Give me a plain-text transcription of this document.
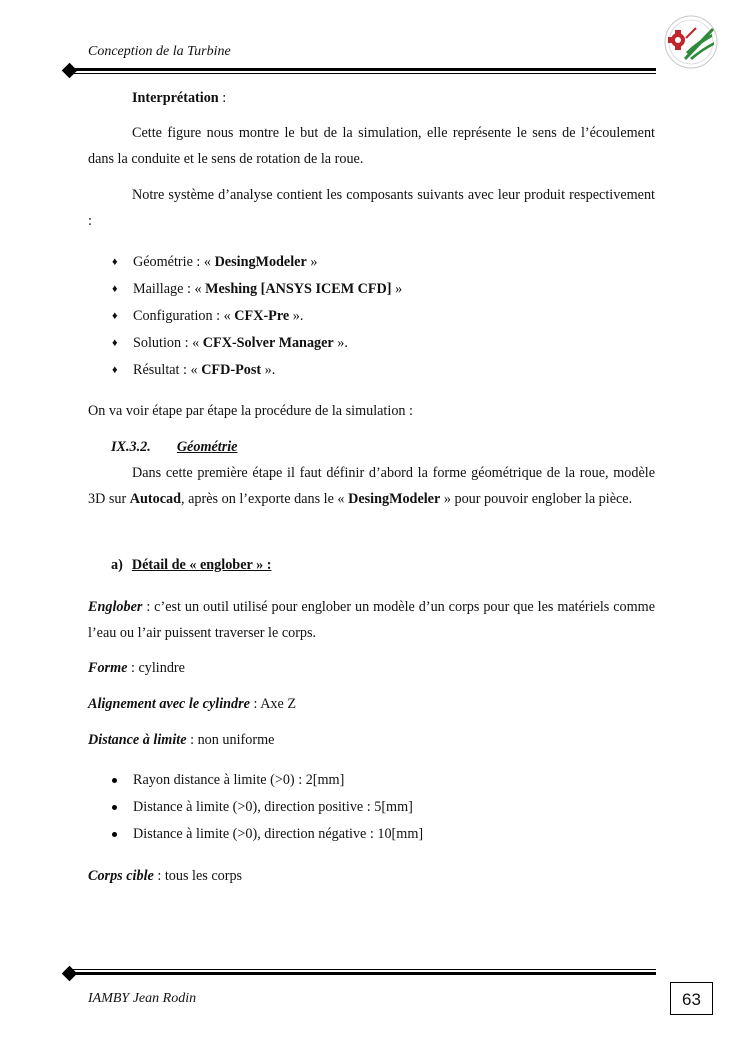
Conception de la Turbine

Interprétation :

Cette figure nous montre le but de la simulation, elle représente le sens de l’écoulement dans la conduite et le sens de rotation de la roue.

Notre système d’analyse contient les composants suivants avec leur produit respectivement :

♦	Géométrie : « DesingModeler »
♦	Maillage : « Meshing [ANSYS ICEM CFD] »
♦	Configuration : « CFX-Pre ».
♦	Solution : « CFX-Solver Manager ».
♦	Résultat : « CFD-Post ».

On va voir étape par étape la procédure de la simulation :

IX.3.2. Géométrie

Dans cette première étape il faut définir d’abord la forme géométrique de la roue, modèle 3D sur Autocad, après on l’exporte dans le « DesingModeler » pour pouvoir englober la pièce.

a) Détail de « englober » :

Englober : c’est un outil utilisé pour englober un modèle d’un corps pour que les matériels comme l’eau ou l’air puissent traverser le corps.

Forme : cylindre

Alignement avec le cylindre : Axe Z

Distance à limite : non uniforme

Rayon distance à limite (>0) : 2[mm]
Distance à limite (>0), direction positive : 5[mm]
Distance à limite (>0), direction négative : 10[mm]

Corps cible : tous les corps

IAMBY Jean Rodin	63
